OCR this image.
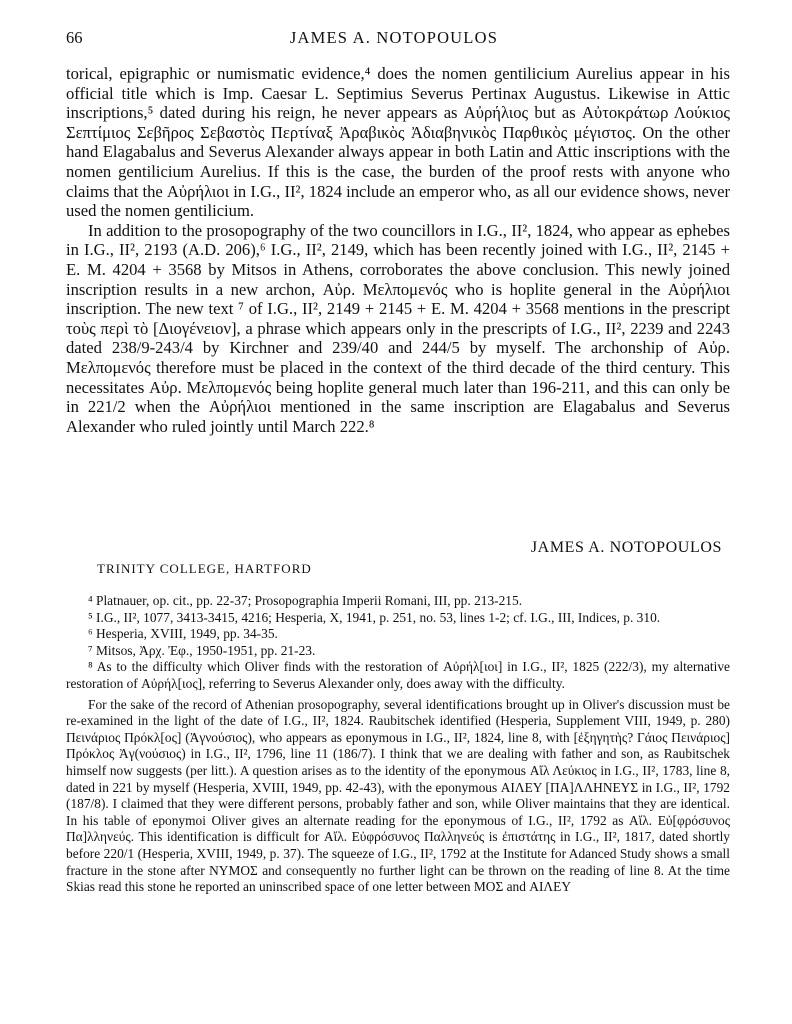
66	JAMES A. NOTOPOULOS

torical, epigraphic or numismatic evidence,⁴ does the nomen gentilicium Aurelius appear in his official title which is Imp. Caesar L. Septimius Severus Pertinax Augustus. Likewise in Attic inscriptions,⁵ dated during his reign, he never appears as Αὐρήλιος but as Αὐτοκράτωρ Λούκιος Σεπτίμιος Σεβῆρος Σεβαστὸς Περτίναξ Ἀραβικὸς Ἀδιαβηνικὸς Παρθικὸς μέγιστος. On the other hand Elagabalus and Severus Alexander always appear in both Latin and Attic inscriptions with the nomen gentilicium Aurelius. If this is the case, the burden of the proof rests with anyone who claims that the Αὐρήλιοι in I.G., II², 1824 include an emperor who, as all our evidence shows, never used the nomen gentilicium.

In addition to the prosopography of the two councillors in I.G., II², 1824, who appear as ephebes in I.G., II², 2193 (A.D. 206),⁶ I.G., II², 2149, which has been recently joined with I.G., II², 2145 + E. M. 4204 + 3568 by Mitsos in Athens, corroborates the above conclusion. This newly joined inscription results in a new archon, Αὐρ. Μελπομενός who is hoplite general in the Αὐρήλιοι inscription. The new text ⁷ of I.G., II², 2149 + 2145 + E. M. 4204 + 3568 mentions in the prescript τοὺς περὶ τὸ [Διογένειον], a phrase which appears only in the prescripts of I.G., II², 2239 and 2243 dated 238/9-243/4 by Kirchner and 239/40 and 244/5 by myself. The archonship of Αὐρ. Μελπομενός therefore must be placed in the context of the third decade of the third century. This necessitates Αὐρ. Μελπομενός being hoplite general much later than 196-211, and this can only be in 221/2 when the Αὐρήλιοι mentioned in the same inscription are Elagabalus and Severus Alexander who ruled jointly until March 222.⁸

JAMES A. NOTOPOULOS
TRINITY COLLEGE, HARTFORD

⁴ Platnauer, op. cit., pp. 22-37; Prosopographia Imperii Romani, III, pp. 213-215.

⁵ I.G., II², 1077, 3413-3415, 4216; Hesperia, X, 1941, p. 251, no. 53, lines 1-2; cf. I.G., III, Indices, p. 310.

⁶ Hesperia, XVIII, 1949, pp. 34-35.

⁷ Mitsos, Ἀρχ. Ἐφ., 1950-1951, pp. 21-23.

⁸ As to the difficulty which Oliver finds with the restoration of Αὐρήλ[ιοι] in I.G., II², 1825 (222/3), my alternative restoration of Αὐρήλ[ιος], referring to Severus Alexander only, does away with the difficulty.

For the sake of the record of Athenian prosopography, several identifications brought up in Oliver's discussion must be re-examined in the light of the date of I.G., II², 1824. Raubitschek identified (Hesperia, Supplement VIII, 1949, p. 280) Πεινάριος Πρόκλ[ος] (Ἀγνούσιος), who appears as eponymous in I.G., II², 1824, line 8, with [ἐξηγητὴς? Γάιος Πεινάριος] Πρόκλος Ἀγ(νούσιος) in I.G., II², 1796, line 11 (186/7). I think that we are dealing with father and son, as Raubitschek himself now suggests (per litt.). A question arises as to the identity of the eponymous Αἴλ Λεύκιος in I.G., II², 1783, line 8, dated in 221 by myself (Hesperia, XVIII, 1949, pp. 42-43), with the eponymous ΑΙΛΕΥ [ΠΑ]ΛΛΗΝΕΥΣ in I.G., II², 1792 (187/8). I claimed that they were different persons, probably father and son, while Oliver maintains that they are identical. In his table of eponymoi Oliver gives an alternate reading for the eponymous of I.G., II², 1792 as Αἴλ. Εὐ[φρόσυνος Πα]λληνεύς. This identification is difficult for Αἴλ. Εὐφρόσυνος Παλληνεύς is ἐπιστάτης in I.G., II², 1817, dated shortly before 220/1 (Hesperia, XVIII, 1949, p. 37). The squeeze of I.G., II², 1792 at the Institute for Adanced Study shows a small fracture in the stone after ΝΥΜΟΣ and consequently no further light can be thrown on the reading of line 8. At the time Skias read this stone he reported an uninscribed space of one letter between ΜΟΣ and ΑΙΛΕΥ
